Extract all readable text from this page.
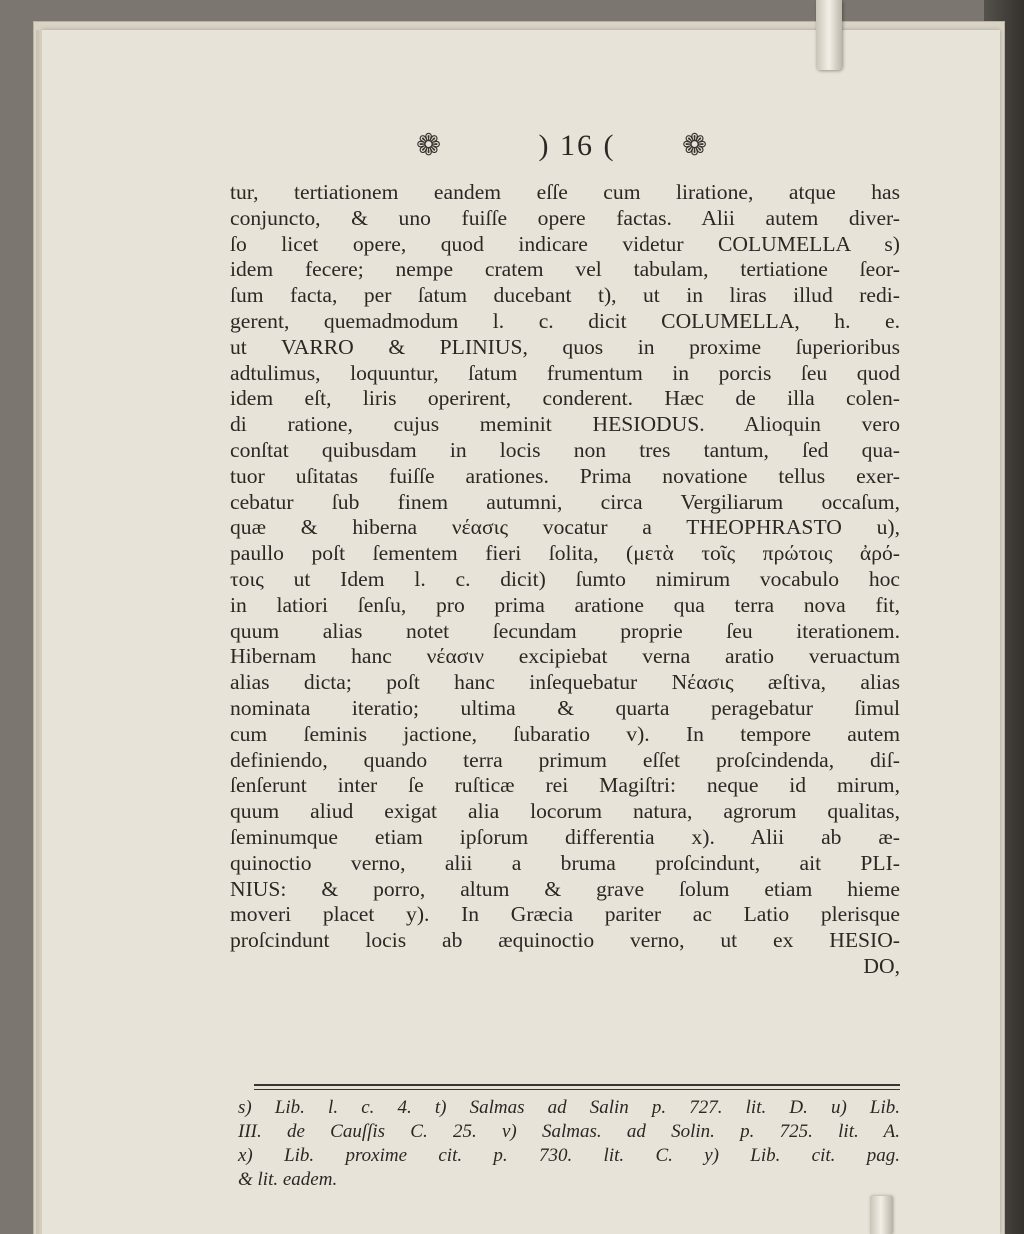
❁	) 16 (	❁
tur, tertiationem eandem eſſe cum liratione, atque has
conjuncto, & uno fuiſſe opere factas. Alii autem diver-
ſo licet opere, quod indicare videtur COLUMELLA s)
idem fecere; nempe cratem vel tabulam, tertiatione ſeor-
ſum facta, per ſatum ducebant t), ut in liras illud redi-
gerent, quemadmodum l. c. dicit COLUMELLA, h. e.
ut VARRO & PLINIUS, quos in proxime ſuperioribus
adtulimus, loquuntur, ſatum frumentum in porcis ſeu quod
idem eſt, liris operirent, conderent. Hæc de illa colen-
di ratione, cujus meminit HESIODUS. Alioquin vero
conſtat quibusdam in locis non tres tantum, ſed qua-
tuor uſitatas fuiſſe arationes. Prima novatione tellus exer-
cebatur ſub finem autumni, circa Vergiliarum occaſum,
quæ & hiberna νέασις vocatur a THEOPHRASTO u),
paullo poſt ſementem fieri ſolita, (μετὰ τοῖς πρώτοις ἀρό-
τοις ut Idem l. c. dicit) ſumto nimirum vocabulo hoc
in latiori ſenſu, pro prima aratione qua terra nova fit,
quum alias notet ſecundam proprie ſeu iterationem.
Hibernam hanc νέασιν excipiebat verna aratio veruactum
alias dicta; poſt hanc inſequebatur Νέασις æſtiva, alias
nominata iteratio; ultima & quarta peragebatur ſimul
cum ſeminis jactione, ſubaratio v). In tempore autem
definiendo, quando terra primum eſſet proſcindenda, diſ-
ſenſerunt inter ſe ruſticæ rei Magiſtri: neque id mirum,
quum aliud exigat alia locorum natura, agrorum qualitas,
ſeminumque etiam ipſorum differentia x). Alii ab æ-
quinoctio verno, alii a bruma proſcindunt, ait PLI-
NIUS: & porro, altum & grave ſolum etiam hieme
moveri placet y). In Græcia pariter ac Latio plerisque
proſcindunt locis ab æquinoctio verno, ut ex HESIO-
DO,
s) Lib. l. c. 4. t) Salmas ad Salin p. 727. lit. D. u) Lib.
III. de Cauſſis C. 25. v) Salmas. ad Solin. p. 725. lit. A.
x) Lib. proxime cit. p. 730. lit. C. y) Lib. cit. pag.
& lit. eadem.
